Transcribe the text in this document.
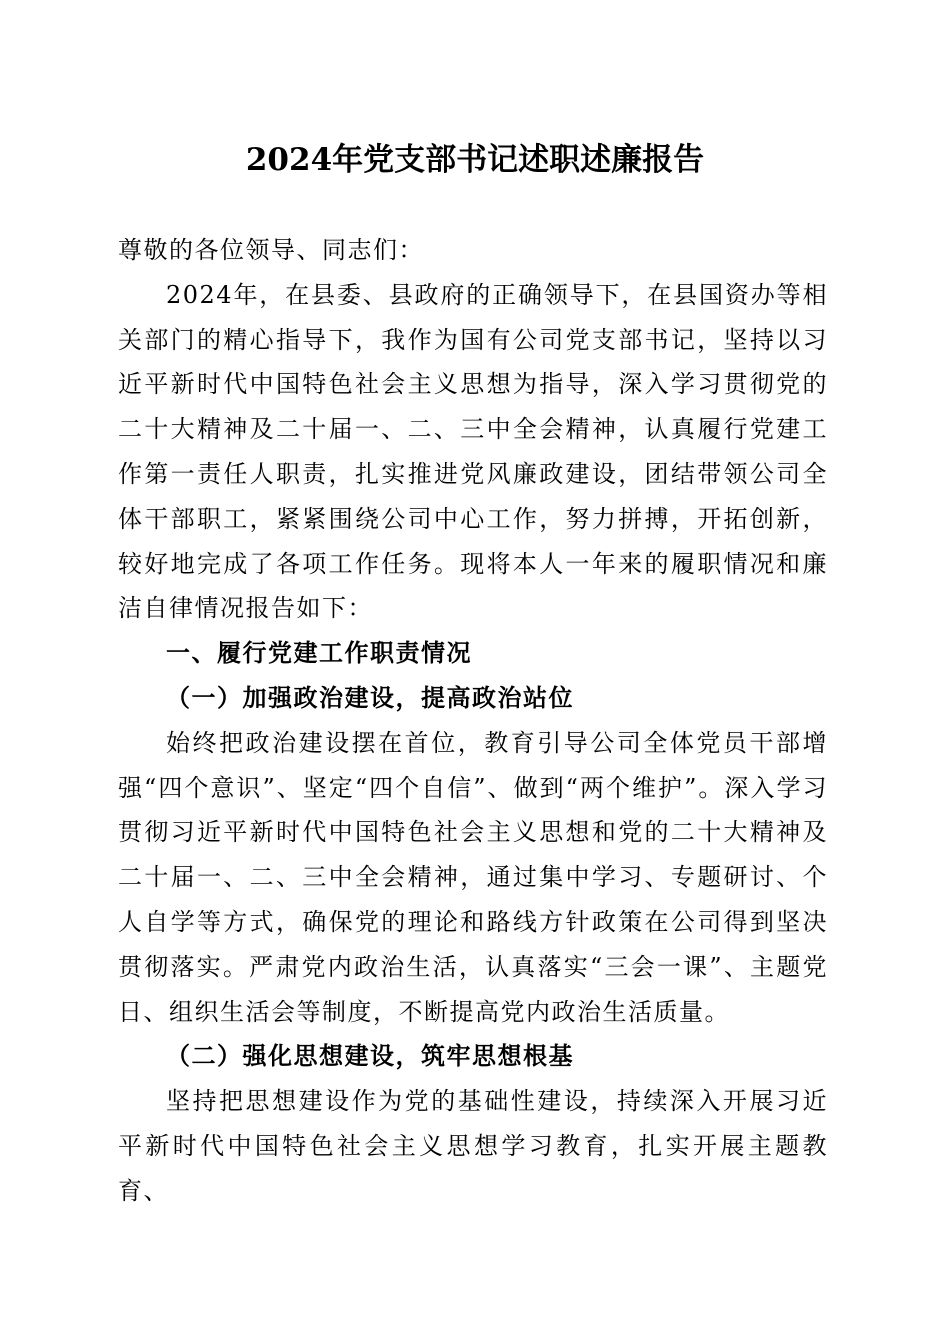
2024年党支部书记述职述廉报告

尊敬的各位领导、同志们：

2024年，在县委、县政府的正确领导下，在县国资办等相关部门的精心指导下，我作为国有公司党支部书记，坚持以习近平新时代中国特色社会主义思想为指导，深入学习贯彻党的二十大精神及二十届一、二、三中全会精神，认真履行党建工作第一责任人职责，扎实推进党风廉政建设，团结带领公司全体干部职工，紧紧围绕公司中心工作，努力拼搏，开拓创新，较好地完成了各项工作任务。现将本人一年来的履职情况和廉洁自律情况报告如下：

一、履行党建工作职责情况

（一）加强政治建设，提高政治站位

始终把政治建设摆在首位，教育引导公司全体党员干部增强“四个意识”、坚定“四个自信”、做到“两个维护”。深入学习贯彻习近平新时代中国特色社会主义思想和党的二十大精神及二十届一、二、三中全会精神，通过集中学习、专题研讨、个人自学等方式，确保党的理论和路线方针政策在公司得到坚决贯彻落实。严肃党内政治生活，认真落实“三会一课”、主题党日、组织生活会等制度，不断提高党内政治生活质量。

（二）强化思想建设，筑牢思想根基

坚持把思想建设作为党的基础性建设，持续深入开展习近平新时代中国特色社会主义思想学习教育，扎实开展主题教育、
